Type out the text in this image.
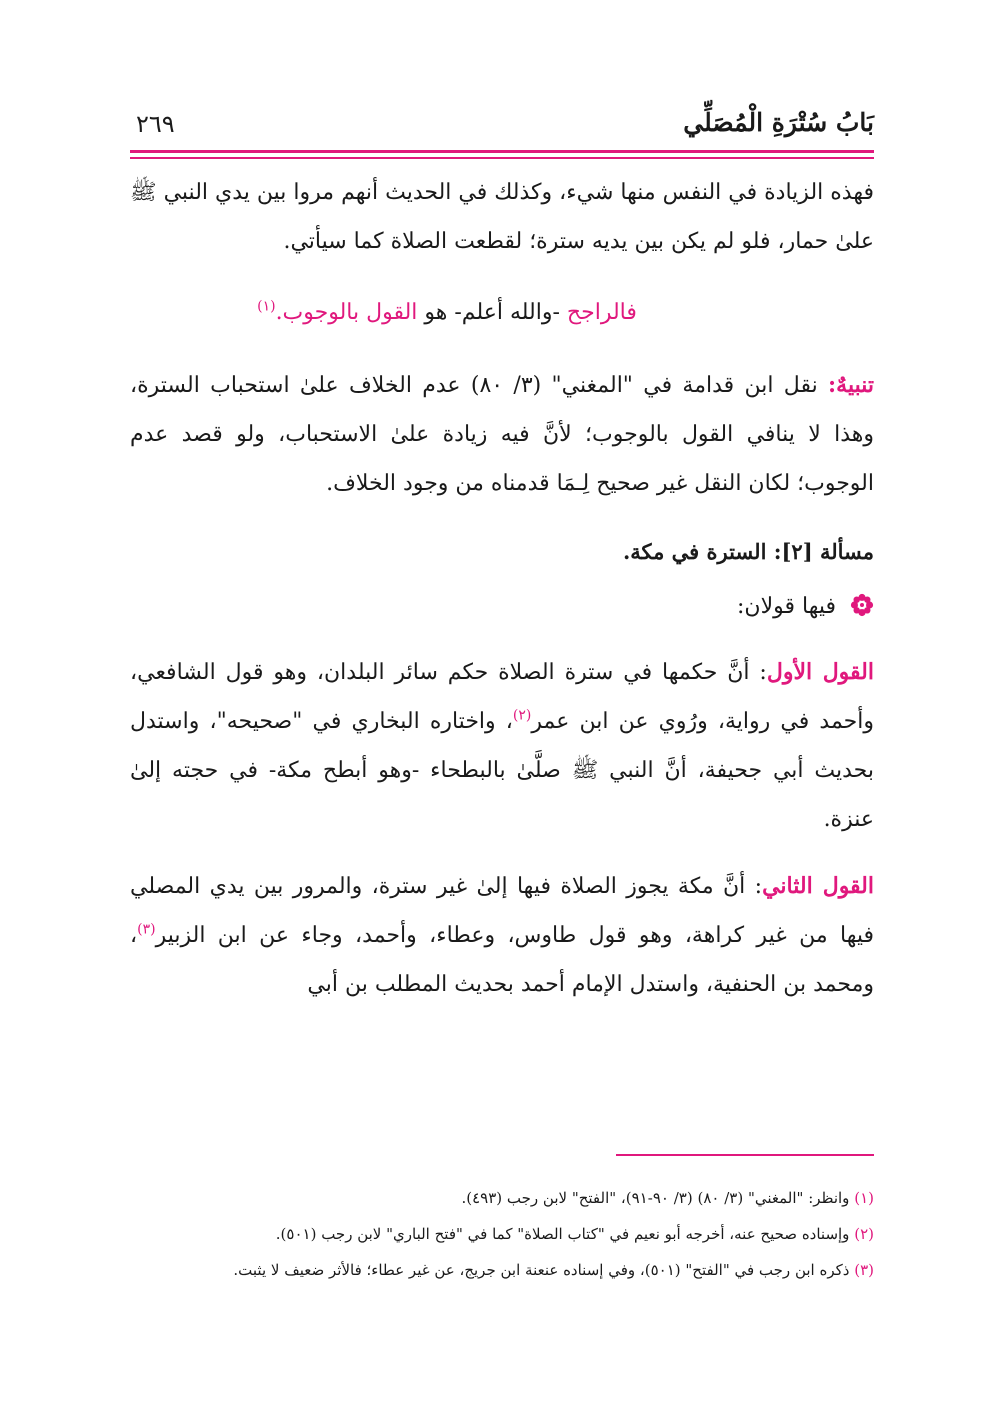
بَابُ سُتْرَةِ الْمُصَلِّي
٢٦٩

فهذه الزيادة في النفس منها شيء، وكذلك في الحديث أنهم مروا بين يدي النبي ﷺ علىٰ حمار، فلو لم يكن بين يديه سترة؛ لقطعت الصلاة كما سيأتي.

فالراجح -والله أعلم- هو القول بالوجوب.$^{(١)}$

تنبيهٌ: نقل ابن قدامة في "المغني" (٣/ ٨٠) عدم الخلاف علىٰ استحباب السترة، وهذا لا ينافي القول بالوجوب؛ لأنَّ فيه زيادة علىٰ الاستحباب، ولو قصد عدم الوجوب؛ لكان النقل غير صحيح لِـمَا قدمناه من وجود الخلاف.

مسألة [٢]: السترة في مكة.

فيها قولان:

القول الأول: أنَّ حكمها في سترة الصلاة حكم سائر البلدان، وهو قول الشافعي، وأحمد في رواية، ورُوي عن ابن عمر$^{(٢)}$، واختاره البخاري في "صحيحه"، واستدل بحديث أبي جحيفة، أنَّ النبي ﷺ صلَّىٰ بالبطحاء -وهو أبطح مكة- في حجته إلىٰ عنزة.

القول الثاني: أنَّ مكة يجوز الصلاة فيها إلىٰ غير سترة، والمرور بين يدي المصلي فيها من غير كراهة، وهو قول طاوس، وعطاء، وأحمد، وجاء عن ابن الزبير$^{(٣)}$، ومحمد بن الحنفية، واستدل الإمام أحمد بحديث المطلب بن أبي

(١) وانظر: "المغني" (٣/ ٨٠) (٣/ ٩٠-٩١)، "الفتح" لابن رجب (٤٩٣).

(٢) وإسناده صحيح عنه، أخرجه أبو نعيم في "كتاب الصلاة" كما في "فتح الباري" لابن رجب (٥٠١).

(٣) ذكره ابن رجب في "الفتح" (٥٠١)، وفي إسناده عنعنة ابن جريج، عن غير عطاء؛ فالأثر ضعيف لا يثبت.
